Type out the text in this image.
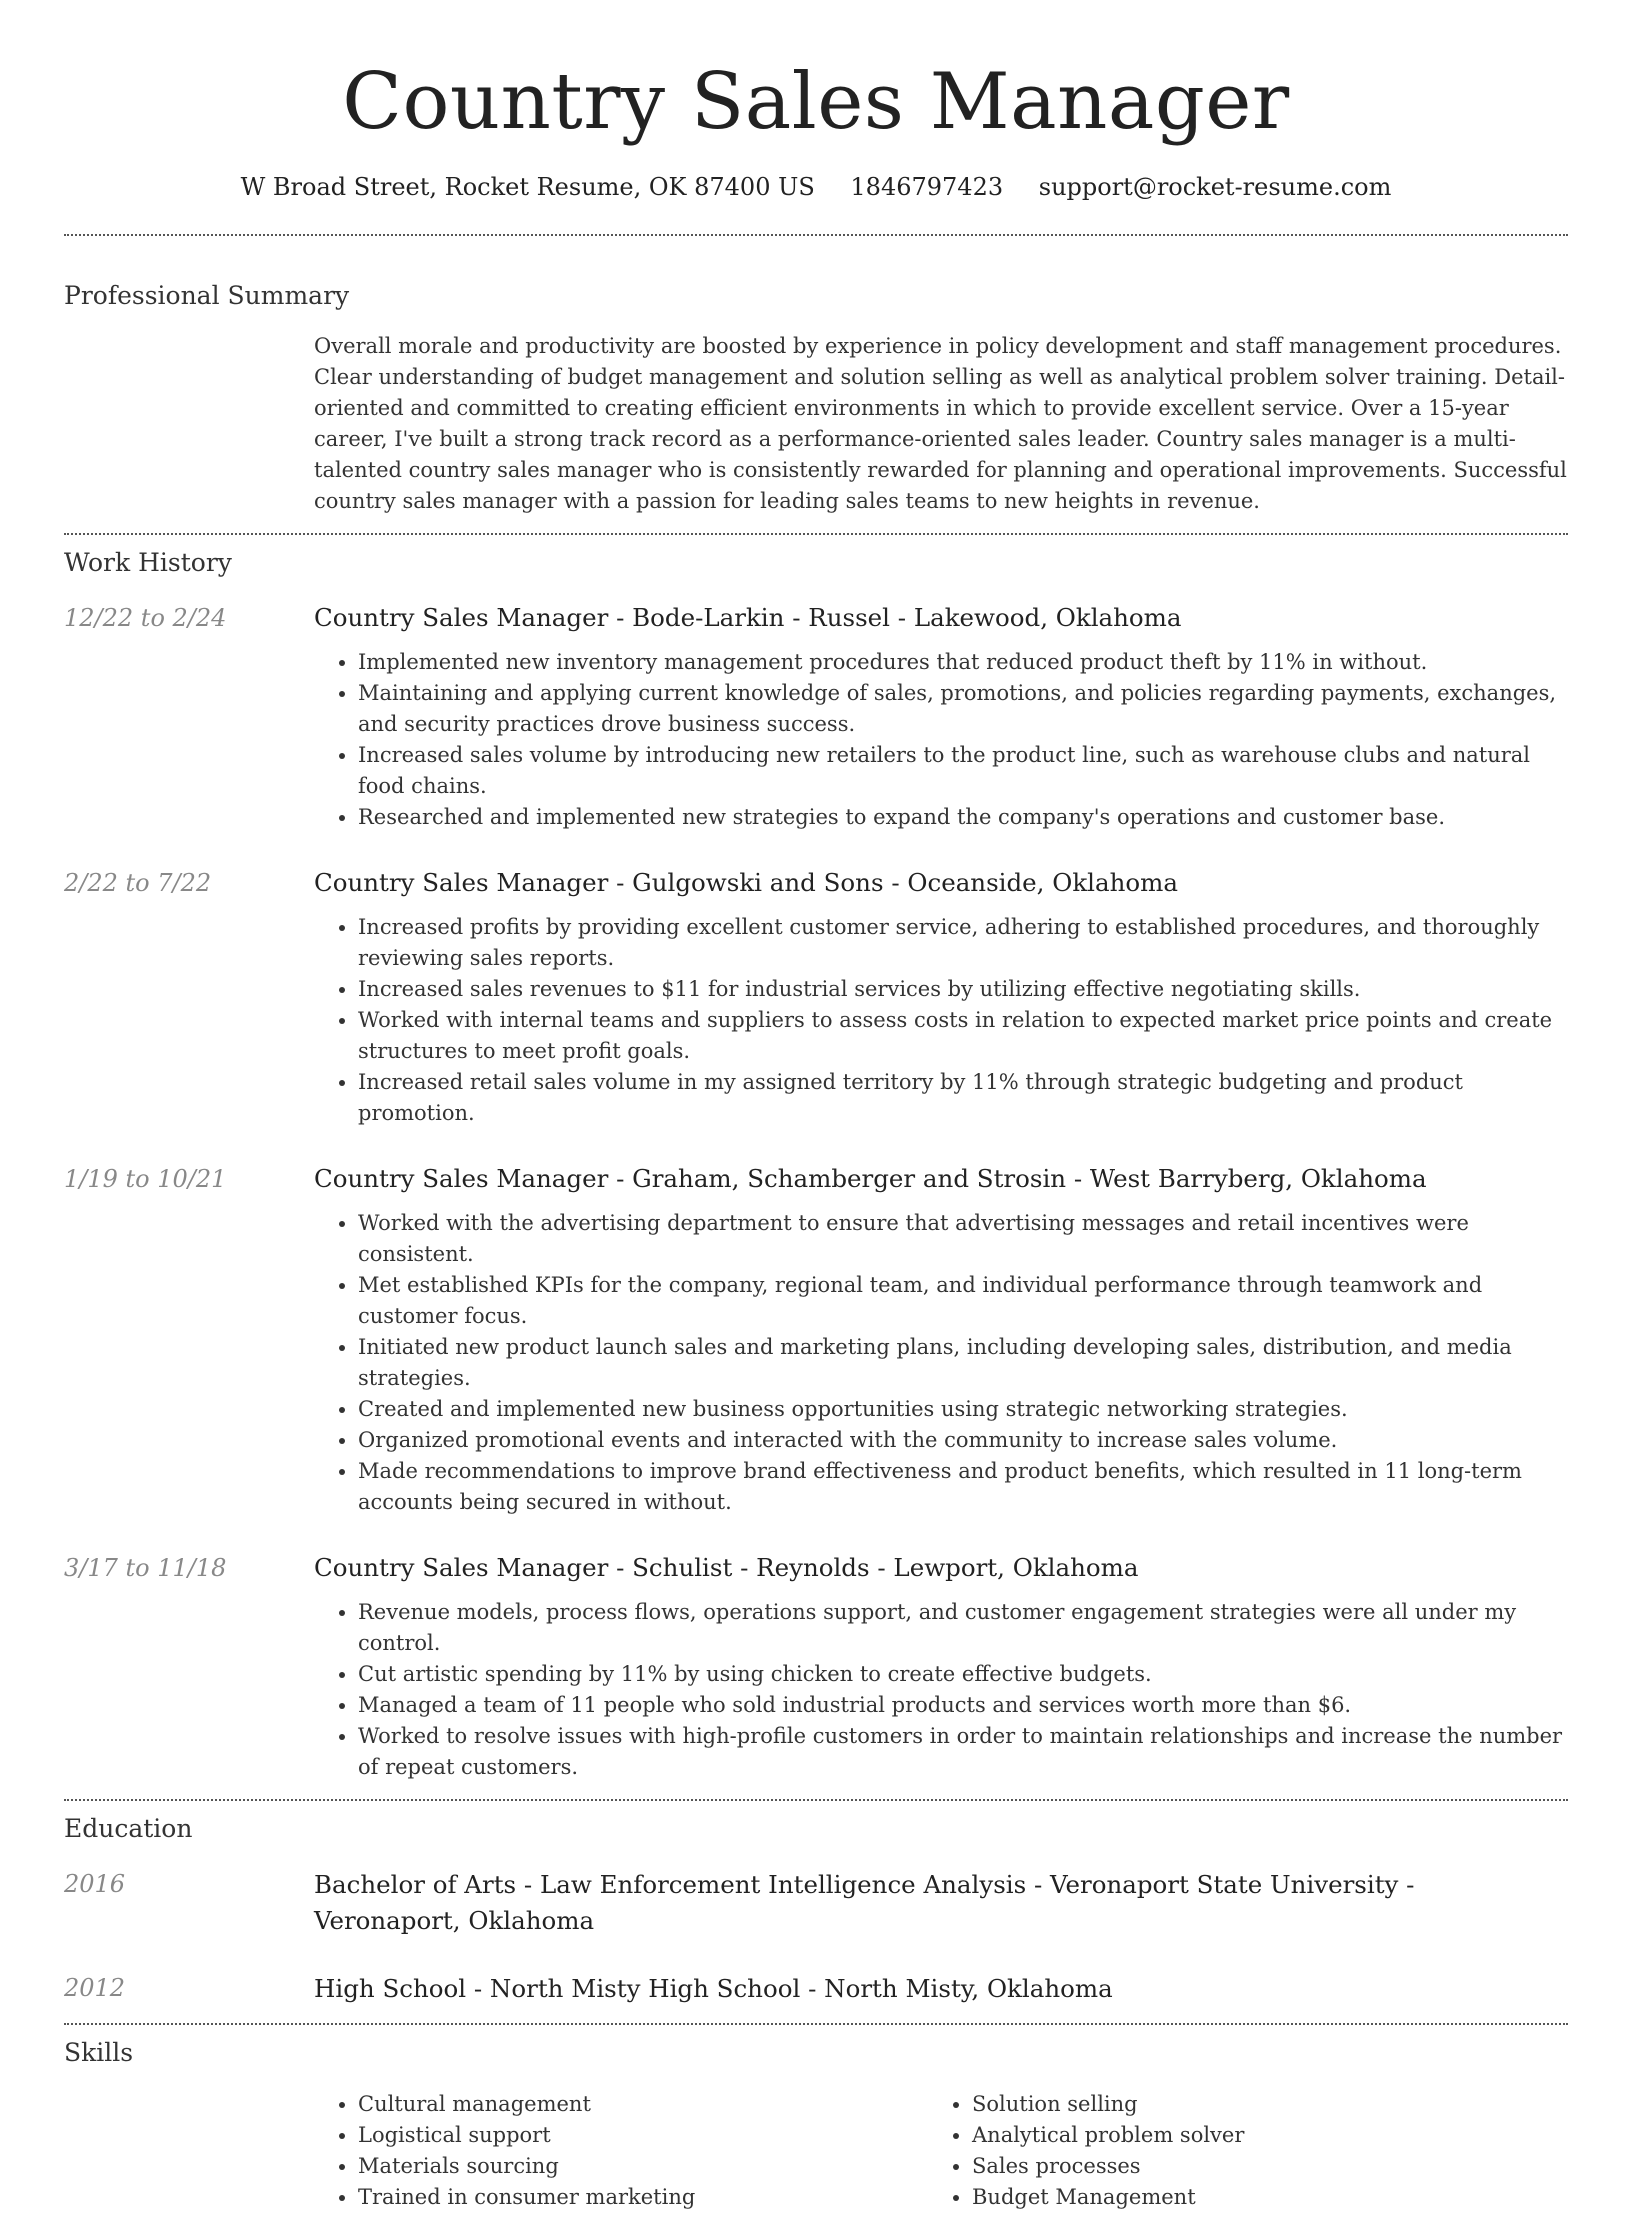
Country Sales Manager
W Broad Street, Rocket Resume, OK 87400 US 1846797423 support@rocket-resume.com
Professional Summary

Overall morale and productivity are boosted by experience in policy development and staff management procedures. Clear understanding of budget management and solution selling as well as analytical problem solver training. Detail-oriented and committed to creating efficient environments in which to provide excellent service. Over a 15-year career, I've built a strong track record as a performance-oriented sales leader. Country sales manager is a multi-talented country sales manager who is consistently rewarded for planning and operational improvements. Successful country sales manager with a passion for leading sales teams to new heights in revenue.

Work History
12/22 to 2/24	Country Sales Manager - Bode-Larkin - Russel - Lakewood, Oklahoma

• Implemented new inventory management procedures that reduced product theft by 11% in without.
• Maintaining and applying current knowledge of sales, promotions, and policies regarding payments, exchanges, and security practices drove business success.
• Increased sales volume by introducing new retailers to the product line, such as warehouse clubs and natural food chains.
• Researched and implemented new strategies to expand the company's operations and customer base.
2/22 to 7/22	Country Sales Manager - Gulgowski and Sons - Oceanside, Oklahoma

• Increased profits by providing excellent customer service, adhering to established procedures, and thoroughly reviewing sales reports.
• Increased sales revenues to $11 for industrial services by utilizing effective negotiating skills.
• Worked with internal teams and suppliers to assess costs in relation to expected market price points and create structures to meet profit goals.
• Increased retail sales volume in my assigned territory by 11% through strategic budgeting and product promotion.
1/19 to 10/21	Country Sales Manager - Graham, Schamberger and Strosin - West Barryberg, Oklahoma

• Worked with the advertising department to ensure that advertising messages and retail incentives were consistent.
• Met established KPIs for the company, regional team, and individual performance through teamwork and customer focus.
• Initiated new product launch sales and marketing plans, including developing sales, distribution, and media strategies.
• Created and implemented new business opportunities using strategic networking strategies.
• Organized promotional events and interacted with the community to increase sales volume.
• Made recommendations to improve brand effectiveness and product benefits, which resulted in 11 long-term accounts being secured in without.
3/17 to 11/18	Country Sales Manager - Schulist - Reynolds - Lewport, Oklahoma

• Revenue models, process flows, operations support, and customer engagement strategies were all under my control.
• Cut artistic spending by 11% by using chicken to create effective budgets.
• Managed a team of 11 people who sold industrial products and services worth more than $6.
• Worked to resolve issues with high-profile customers in order to maintain relationships and increase the number of repeat customers.
Education
2016	Bachelor of Arts - Law Enforcement Intelligence Analysis - Veronaport State University - Veronaport, Oklahoma

2012	High School - North Misty High School - North Misty, Oklahoma

Skills
• Cultural management
• Logistical support
• Materials sourcing
• Trained in consumer marketing
• Solution selling
• Analytical problem solver
• Sales processes
• Budget Management
